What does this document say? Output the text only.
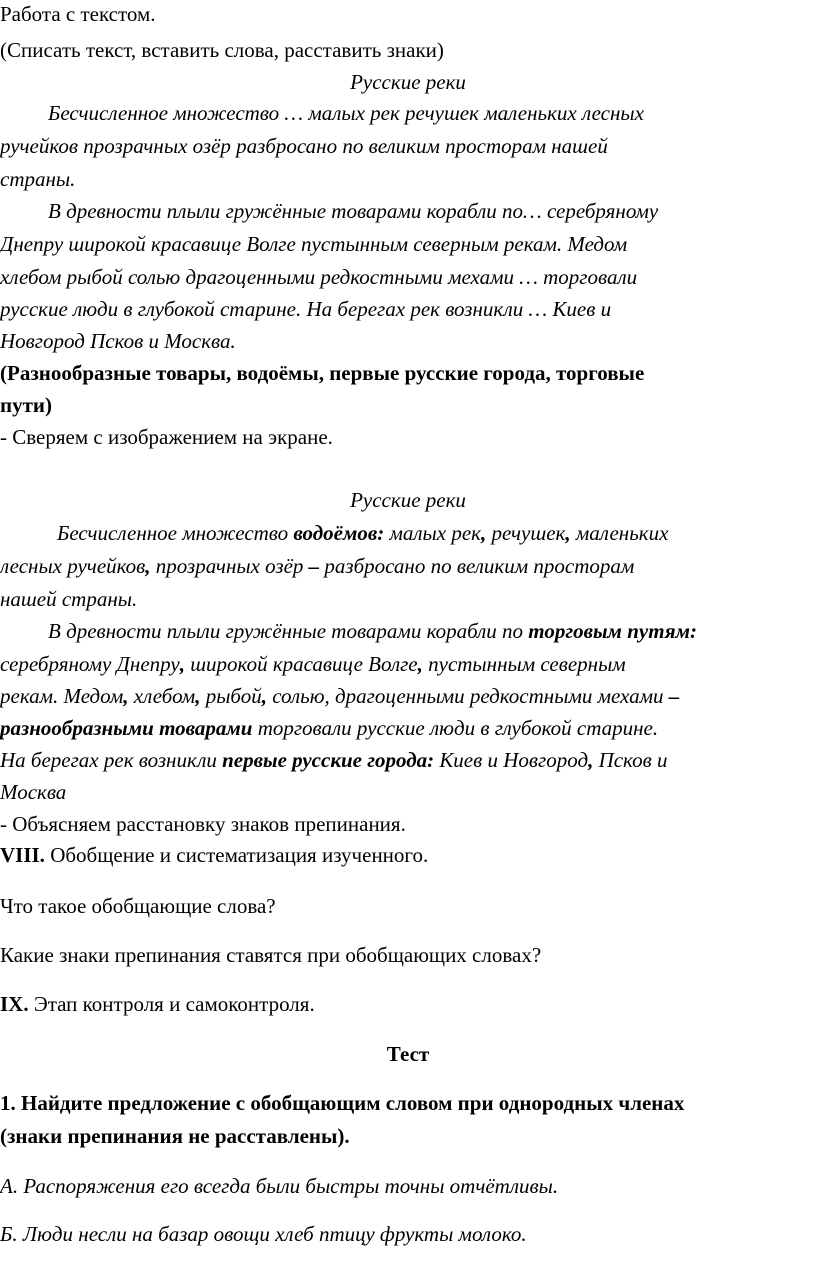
Работа с текстом.
(Списать текст, вставить слова, расставить знаки)
Русские реки
Бесчисленное множество … малых рек речушек маленьких лесных
ручейков прозрачных озёр разбросано по великим просторам нашей
страны.
В древности плыли гружённые товарами корабли по… серебряному
Днепру широкой красавице Волге пустынным северным рекам. Медом
хлебом рыбой солью драгоценными редкостными мехами … торговали
русские люди в глубокой старине. На берегах рек возникли … Киев и
Новгород Псков и Москва.
(Разнообразные товары, водоёмы, первые русские города, торговые
пути)
- Сверяем с изображением на экране.
Русские реки
Бесчисленное множество водоёмов: малых рек, речушек, маленьких
лесных ручейков, прозрачных озёр – разбросано по великим просторам
нашей страны.
В древности плыли гружённые товарами корабли по торговым путям:
серебряному Днепру, широкой красавице Волге, пустынным северным
рекам. Медом, хлебом, рыбой, солью, драгоценными редкостными мехами –
разнообразными товарами торговали русские люди в глубокой старине.
На берегах рек возникли первые русские города: Киев и Новгород, Псков и
Москва
- Объясняем расстановку знаков препинания.
VIII. Обобщение и систематизация изученного.
Что такое обобщающие слова?
Какие знаки препинания ставятся при обобщающих словах?
IX. Этап контроля и самоконтроля.
Тест
1. Найдите предложение с обобщающим словом при однородных членах
(знаки препинания не расставлены).
А. Распоряжения его всегда были быстры точны отчётливы.
Б. Люди несли на базар овощи хлеб птицу фрукты молоко.
